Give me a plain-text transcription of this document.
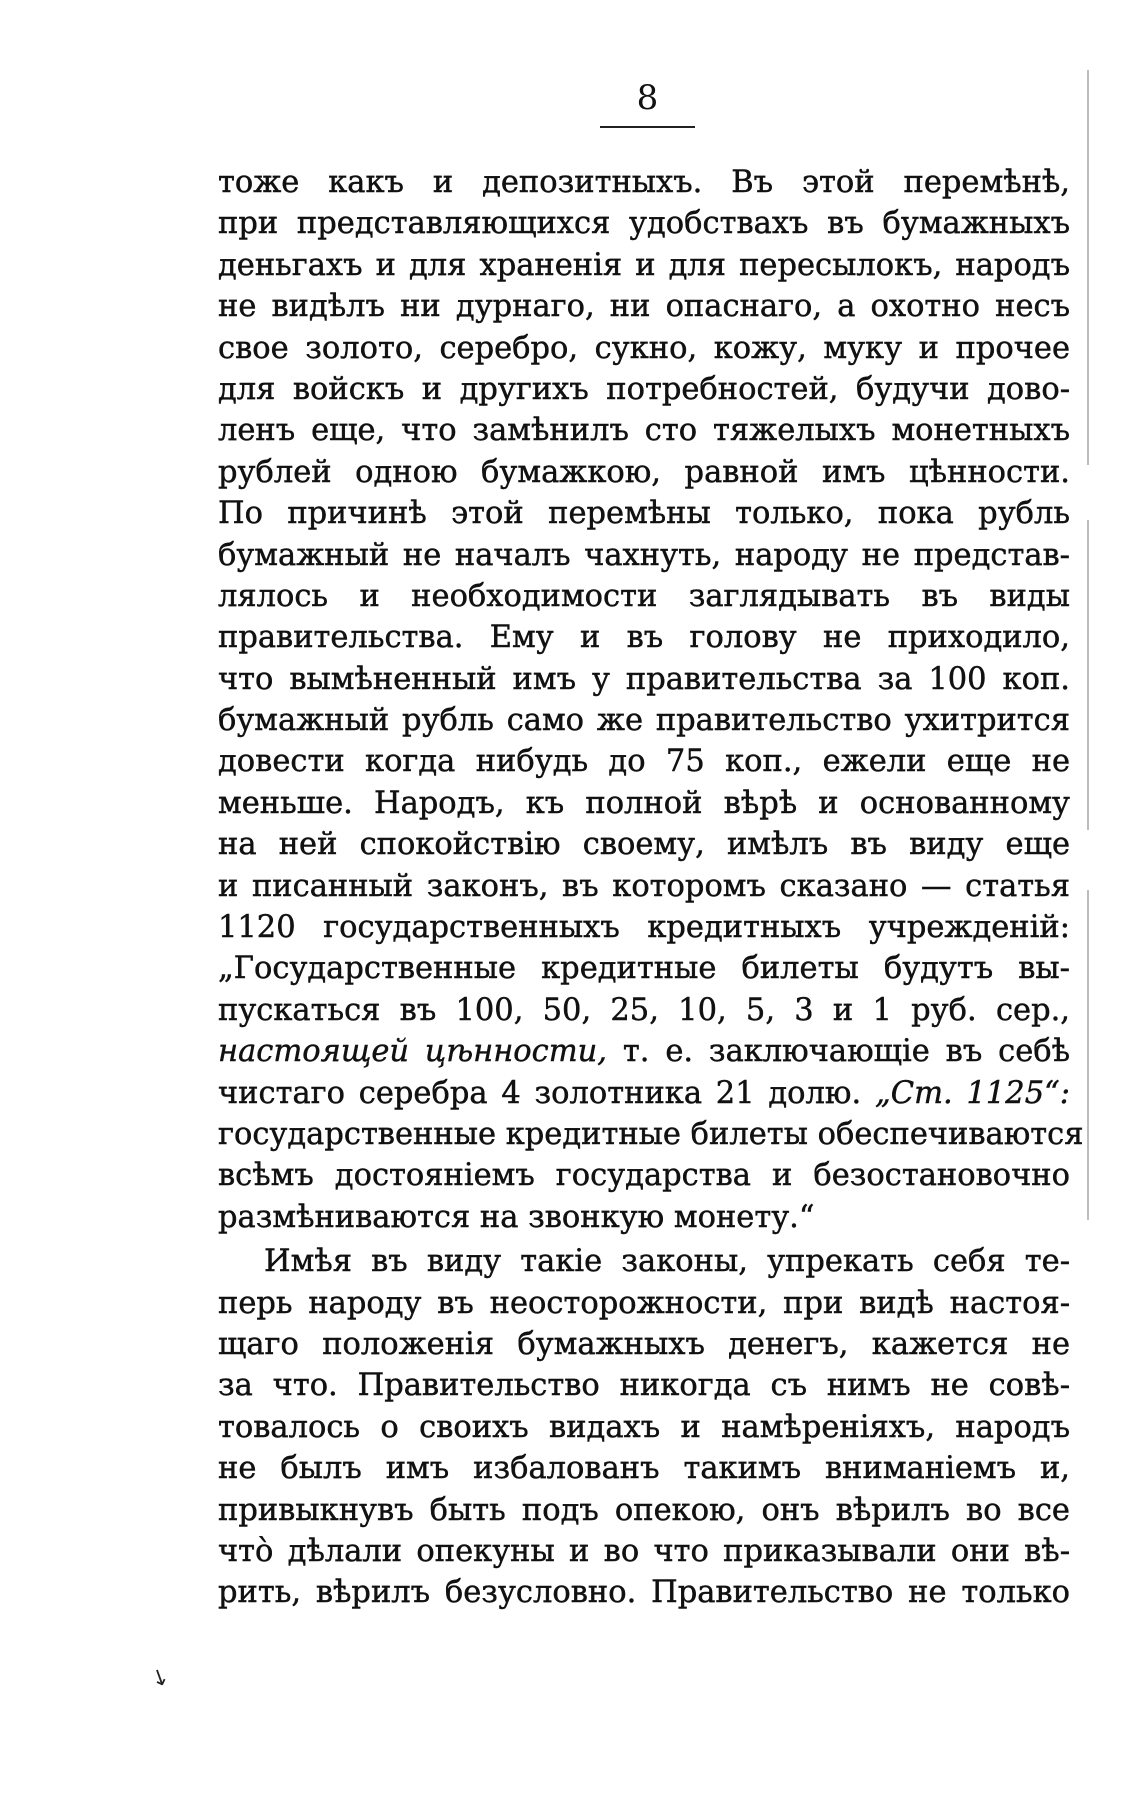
8
тоже какъ и депозитныхъ. Въ этой перемѣнѣ,
при представляющихся удобствахъ въ бумажныхъ
деньгахъ и для храненія и для пересылокъ, народъ
не видѣлъ ни дурнаго, ни опаснаго, а охотно несъ
свое золото, серебро, сукно, кожу, муку и прочее
для войскъ и другихъ потребностей, будучи дово-
ленъ еще, что замѣнилъ сто тяжелыхъ монетныхъ
рублей одною бумажкою, равной имъ цѣнности.
По причинѣ этой перемѣны только, пока рубль
бумажный не началъ чахнуть, народу не представ-
лялось и необходимости заглядывать въ виды
правительства. Ему и въ голову не приходило,
что вымѣненный имъ у правительства за 100 коп.
бумажный рубль само же правительство ухитрится
довести когда нибудь до 75 коп., ежели еще не
меньше. Народъ, къ полной вѣрѣ и основанному
на ней спокойствію своему, имѣлъ въ виду еще
и писанный законъ, въ которомъ сказано — статья
1120 государственныхъ кредитныхъ учрежденій:
„Государственные кредитные билеты будутъ вы-
пускаться въ 100, 50, 25, 10, 5, 3 и 1 руб. сер.,
настоящей цѣнности, т. е. заключающіе въ себѣ
чистаго серебра 4 золотника 21 долю. „Ст. 1125“:
государственные кредитные билеты обеспечиваются
всѣмъ достояніемъ государства и безостановочно
размѣниваются на звонкую монету.“
Имѣя въ виду такіе законы, упрекать себя те-
перь народу въ неосторожности, при видѣ настоя-
щаго положенія бумажныхъ денегъ, кажется не
за что. Правительство никогда съ нимъ не совѣ-
товалось о своихъ видахъ и намѣреніяхъ, народъ
не былъ имъ избалованъ такимъ вниманіемъ и,
привыкнувъ быть подъ опекою, онъ вѣрилъ во все
что̀ дѣлали опекуны и во что приказывали они вѣ-
рить, вѣрилъ безусловно. Правительство не только
↘
